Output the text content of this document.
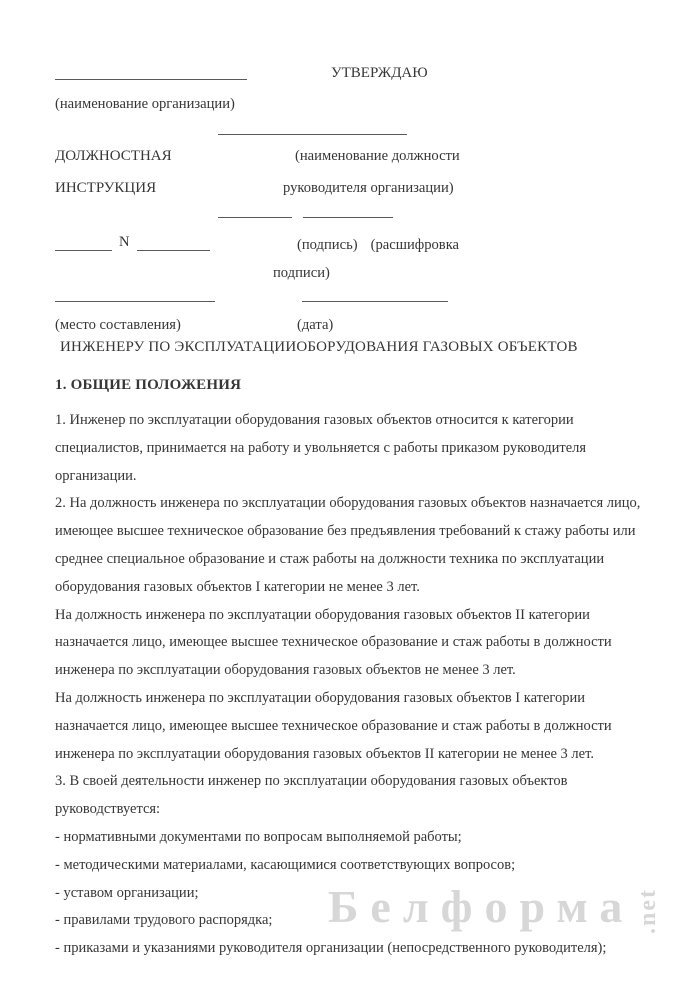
УТВЕРЖДАЮ
(наименование организации)
ДОЛЖНОСТНАЯ	(наименование должности
ИНСТРУКЦИЯ	руководителя организации)
N	(подпись) (расшифровка
подписи)
(место составления)	(дата)
ИНЖЕНЕРУ ПО ЭКСПЛУАТАЦИИОБОРУДОВАНИЯ ГАЗОВЫХ ОБЪЕКТОВ
1. ОБЩИЕ ПОЛОЖЕНИЯ

1. Инженер по эксплуатации оборудования газовых объектов относится к категории специалистов, принимается на работу и увольняется с работы приказом руководителя организации.

2. На должность инженера по эксплуатации оборудования газовых объектов назначается лицо, имеющее высшее техническое образование без предъявления требований к стажу работы или среднее специальное образование и стаж работы на должности техника по эксплуатации оборудования газовых объектов I категории не менее 3 лет.

На должность инженера по эксплуатации оборудования газовых объектов II категории назначается лицо, имеющее высшее техническое образование и стаж работы в должности инженера по эксплуатации оборудования газовых объектов не менее 3 лет.

На должность инженера по эксплуатации оборудования газовых объектов I категории назначается лицо, имеющее высшее техническое образование и стаж работы в должности инженера по эксплуатации оборудования газовых объектов II категории не менее 3 лет.

3. В своей деятельности инженер по эксплуатации оборудования газовых объектов руководствуется:

- нормативными документами по вопросам выполняемой работы;

- методическими материалами, касающимися соответствующих вопросов;

- уставом организации;

- правилами трудового распорядка;

- приказами и указаниями руководителя организации (непосредственного руководителя);

Белформа .net
